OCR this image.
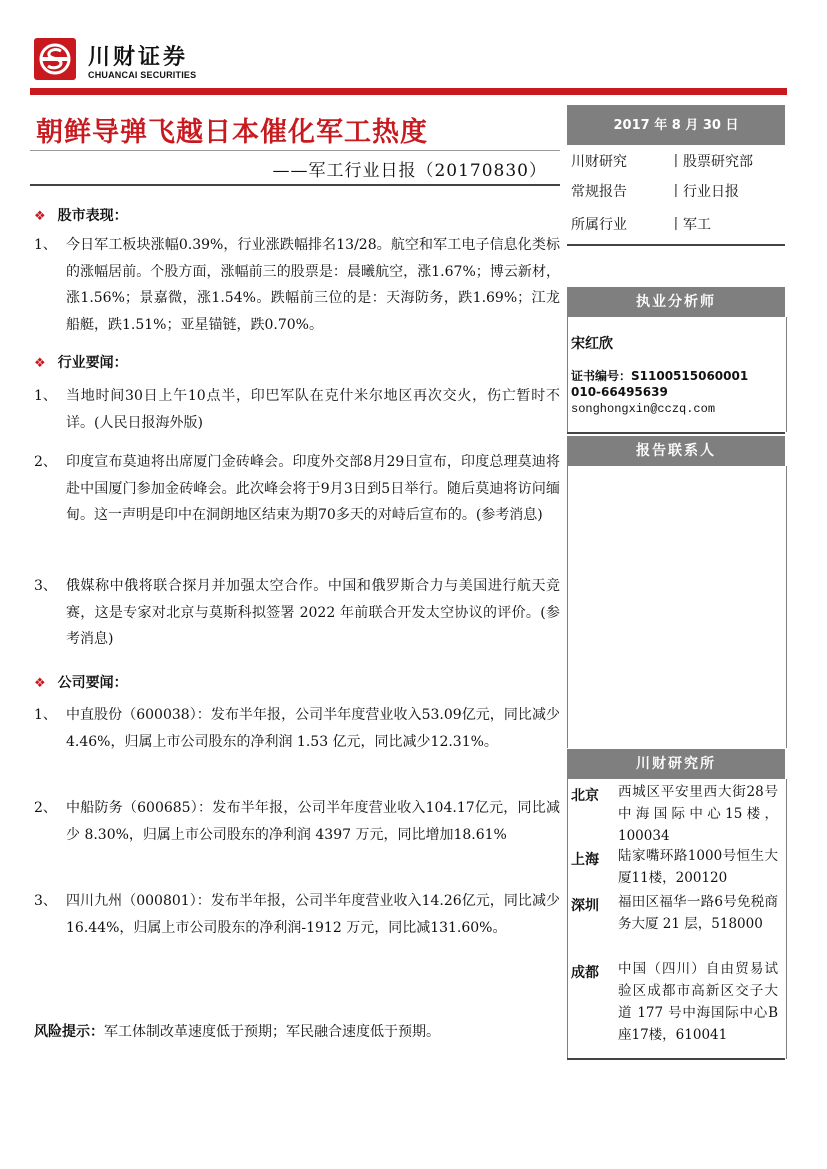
川财证券
CHUANCAI SECURITIES
朝鲜导弹飞越日本催化军工热度
——军工行业日报（20170830）
❖ 股市表现：
1、 今日军工板块涨幅0.39%，行业涨跌幅排名13/28。航空和军工电子信息化类标的涨幅居前。个股方面，涨幅前三的股票是：晨曦航空，涨1.67%；博云新材，涨1.56%；景嘉微，涨1.54%。跌幅前三位的是：天海防务，跌1.69%；江龙船艇，跌1.51%；亚星锚链，跌0.70%。
❖ 行业要闻：
1、 当地时间30日上午10点半，印巴军队在克什米尔地区再次交火，伤亡暂时不详。(人民日报海外版)
2、 印度宣布莫迪将出席厦门金砖峰会。印度外交部8月29日宣布，印度总理莫迪将赴中国厦门参加金砖峰会。此次峰会将于9月3日到5日举行。随后莫迪将访问缅甸。这一声明是印中在洞朗地区结束为期70多天的对峙后宣布的。(参考消息)
3、 俄媒称中俄将联合探月并加强太空合作。中国和俄罗斯合力与美国进行航天竞赛，这是专家对北京与莫斯科拟签署 2022 年前联合开发太空协议的评价。(参考消息)
❖ 公司要闻：
1、 中直股份（600038）：发布半年报，公司半年度营业收入53.09亿元，同比减少 4.46%，归属上市公司股东的净利润 1.53 亿元，同比减少12.31%。
2、 中船防务（600685）：发布半年报，公司半年度营业收入104.17亿元，同比减少 8.30%，归属上市公司股东的净利润 4397 万元，同比增加18.61%
3、 四川九州（000801）：发布半年报，公司半年度营业收入14.26亿元，同比减少 16.44%，归属上市公司股东的净利润-1912 万元，同比减131.60%。
风险提示：军工体制改革速度低于预期；军民融合速度低于预期。
2017 年 8 月 30 日
川财研究	丨股票研究部
常规报告	丨行业日报
所属行业	丨军工
执业分析师
宋红欣
证书编号：S1100515060001
010-66495639
songhongxin@cczq.com
报告联系人
川财研究所
北京 西城区平安里西大街28号中海国际中心15楼，100034
上海 陆家嘴环路1000号恒生大厦11楼，200120
深圳 福田区福华一路6号免税商务大厦 21 层，518000
成都 中国（四川）自由贸易试验区成都市高新区交子大道 177 号中海国际中心B座17楼，610041
